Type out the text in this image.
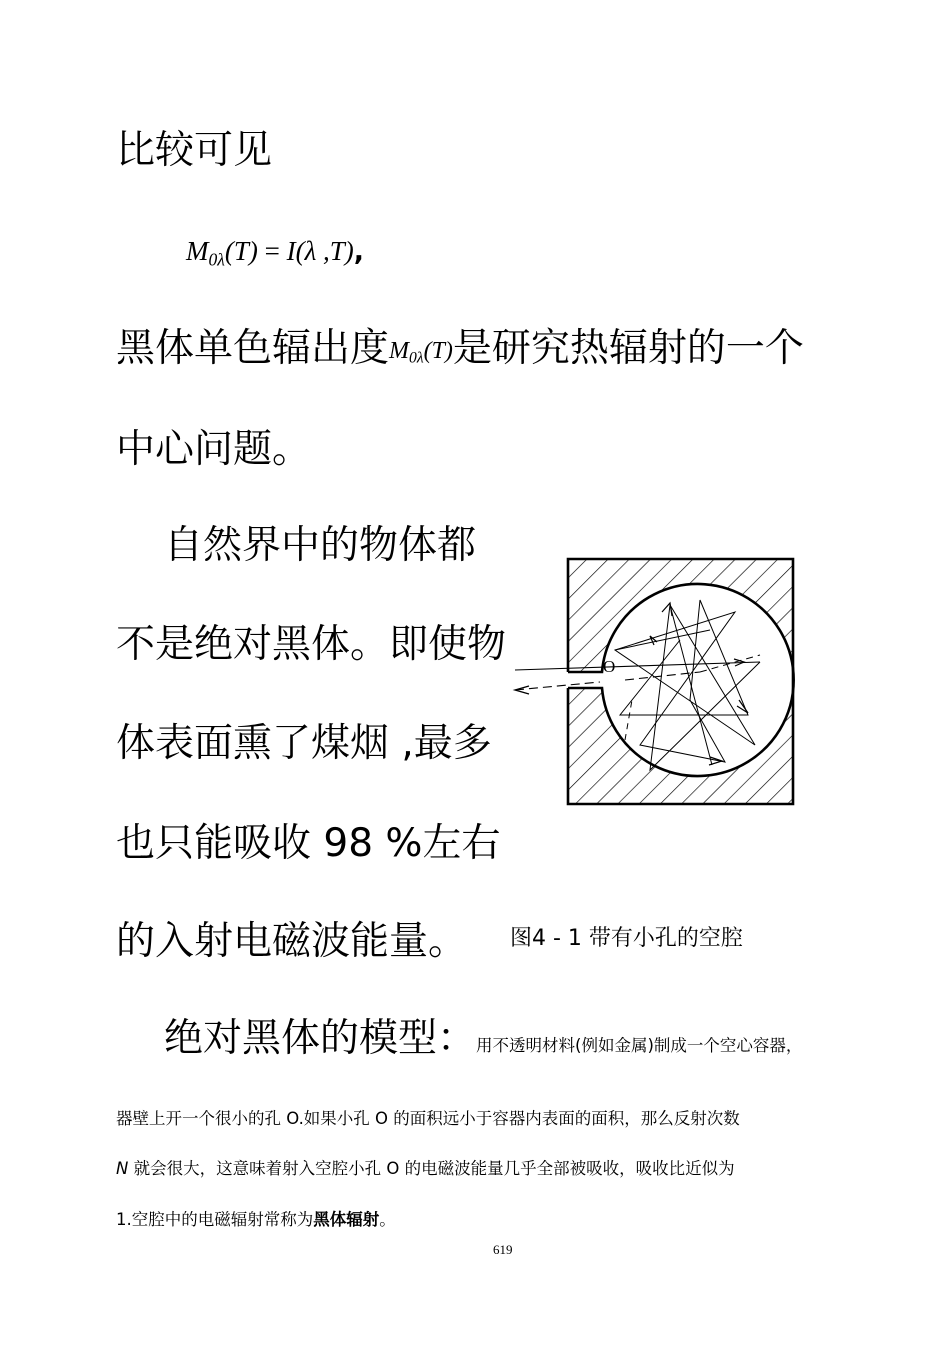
比较可见
$M_{0\lambda}(T) = I(\lambda$ ,T),
黑体单色辐出度$M_{0\lambda}(T)$是研究热辐射的一个
中心问题。
自然界中的物体都
不是绝对黑体。即使物
体表面熏了煤烟 ,最多
也只能吸收 98 %左右
的入射电磁波能量。
O
图4 - 1 带有小孔的空腔
绝对黑体的模型：用不透明材料(例如金属)制成一个空心容器，
器壁上开一个很小的孔 O.如果小孔 O 的面积远小于容器内表面的面积，那么反射次数
N 就会很大，这意味着射入空腔小孔 O 的电磁波能量几乎全部被吸收，吸收比近似为
1.空腔中的电磁辐射常称为黑体辐射。
619
